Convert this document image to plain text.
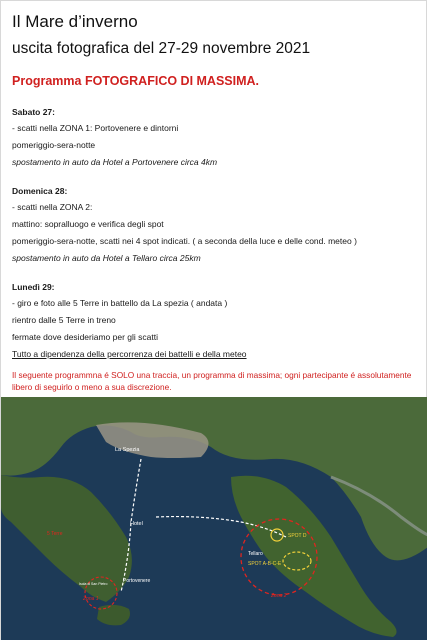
Il Mare d’inverno
uscita fotografica del 27-29 novembre 2021
Programma FOTOGRAFICO DI MASSIMA.
Sabato 27:
- scatti nella ZONA 1: Portovenere e dintorni
pomeriggio-sera-notte
spostamento in auto da Hotel a Portovenere circa 4km
Domenica 28:
- scatti nella ZONA 2:
mattino: sopralluogo e verifica degli spot
pomeriggio-sera-notte, scatti nei 4 spot indicati. ( a seconda della luce e delle cond. meteo )
spostamento in auto da Hotel a Tellaro circa 25km
Lunedì 29:
- giro e foto alle 5 Terre in battello da La spezia ( andata )
rientro dalle 5 Terre in treno
fermate dove desideriamo per gli scatti
Tutto a dipendenza della percorrenza dei battelli e della meteo
Il seguente programmna é SOLO una traccia, un programma di massima; ogni partecipante é assolutamente libero di seguirlo o meno a sua discrezione.
La Spezia
Hotel
Portovenere
Zona 1	Zona 2
SPOT D
Tellaro
SPOT A-B-C-E
5 Terre
Isola di San Pietro
